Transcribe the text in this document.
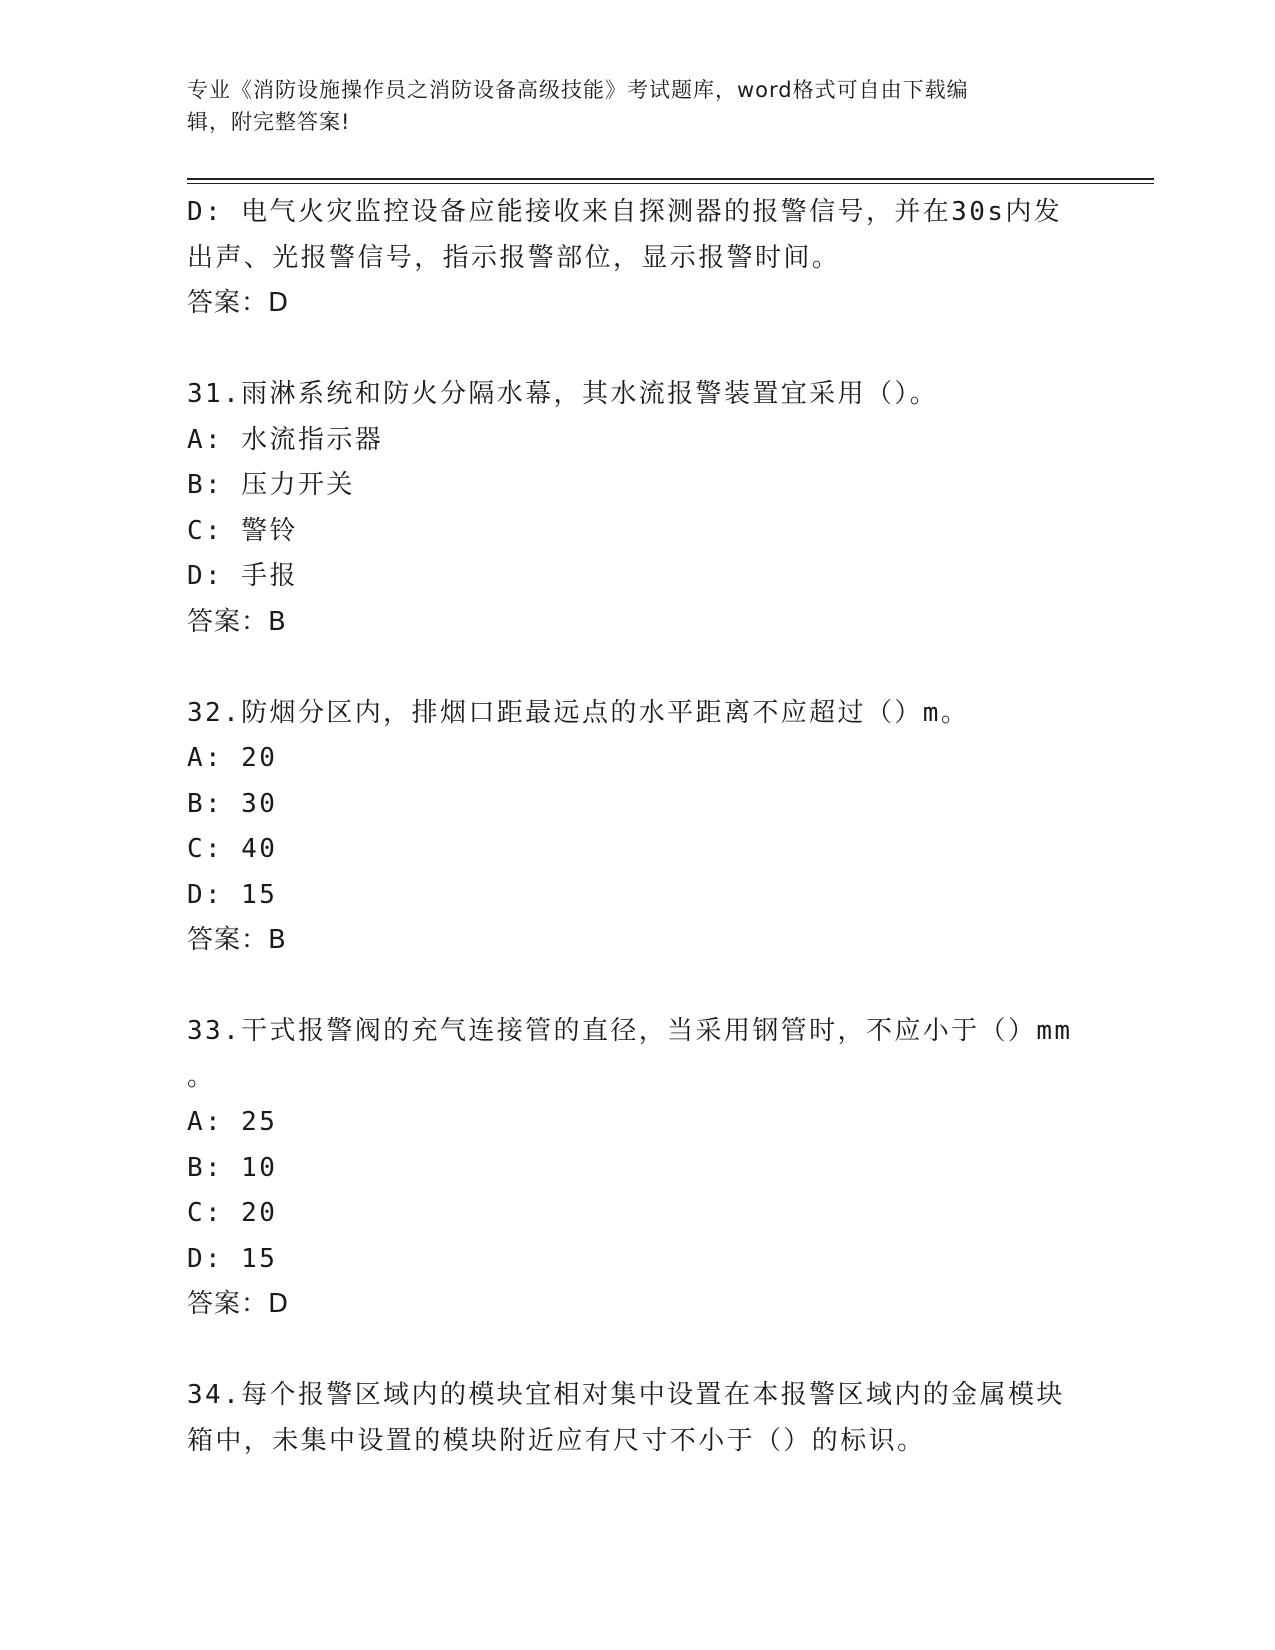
专业《消防设施操作员之消防设备高级技能》考试题库，word格式可自由下载编
辑，附完整答案!
D: 电气火灾监控设备应能接收来自探测器的报警信号，并在30s内发
出声、光报警信号，指示报警部位，显示报警时间。
答案：D
31.雨淋系统和防火分隔水幕，其水流报警装置宜采用（）。
A: 水流指示器
B: 压力开关
C: 警铃
D: 手报
答案：B
32.防烟分区内，排烟口距最远点的水平距离不应超过（）m。
A: 20
B: 30
C: 40
D: 15
答案：B
33.干式报警阀的充气连接管的直径，当采用钢管时，不应小于（）mm
。
A: 25
B: 10
C: 20
D: 15
答案：D
34.每个报警区域内的模块宜相对集中设置在本报警区域内的金属模块
箱中，未集中设置的模块附近应有尺寸不小于（）的标识。
